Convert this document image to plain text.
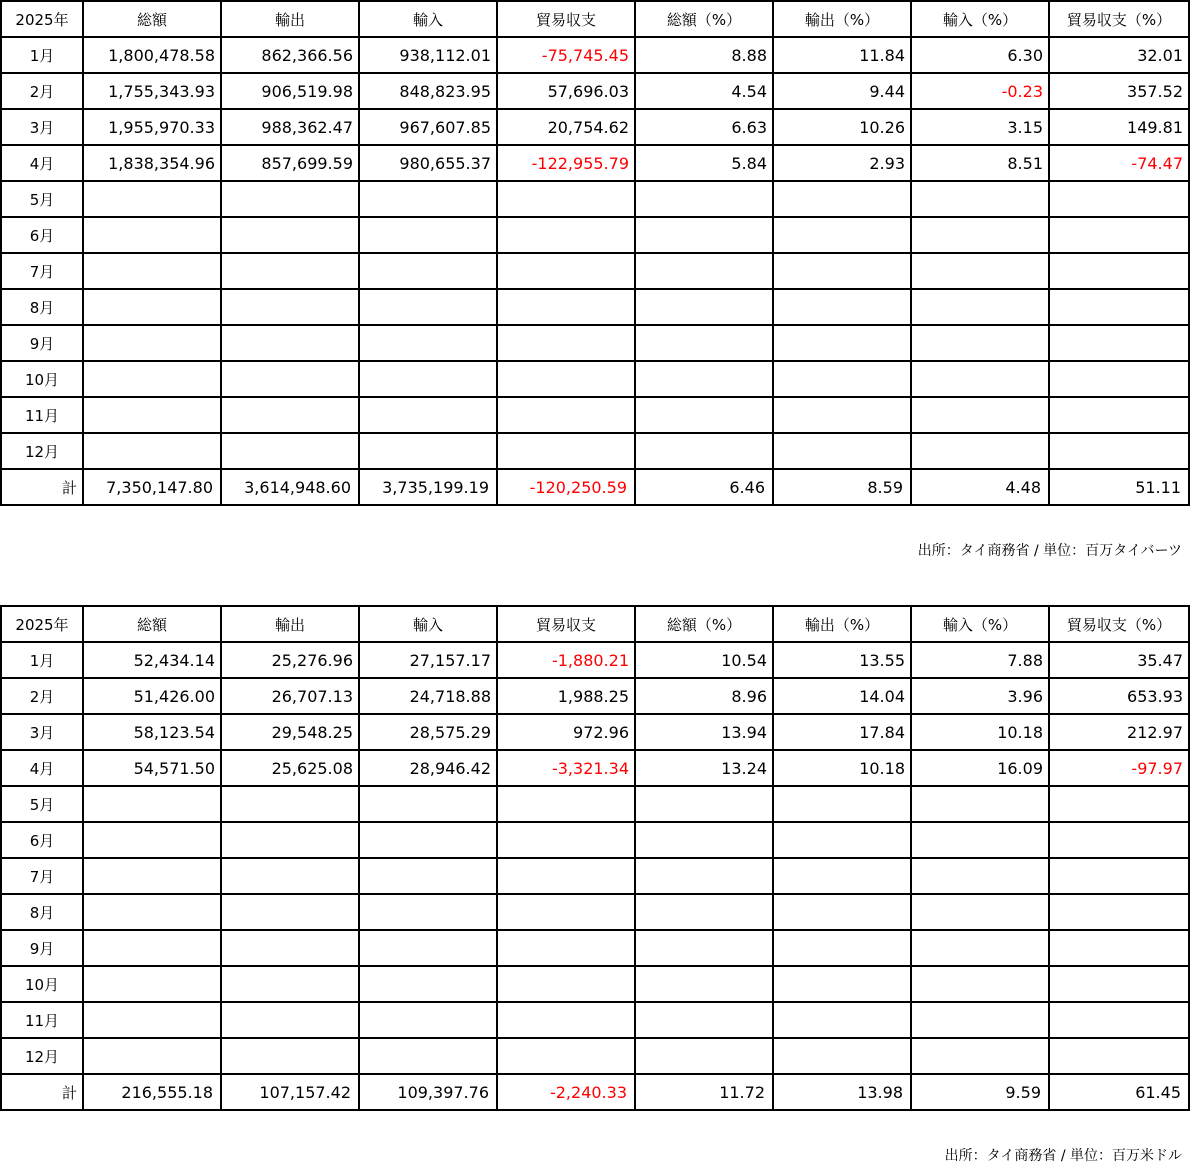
2025年	総額	輸出	輸入	貿易収支	総額（%）	輸出（%）	輸入（%）	貿易収支（%）
1月	1,800,478.58	862,366.56	938,112.01	-75,745.45	8.88	11.84	6.30	32.01
2月	1,755,343.93	906,519.98	848,823.95	57,696.03	4.54	9.44	-0.23	357.52
3月	1,955,970.33	988,362.47	967,607.85	20,754.62	6.63	10.26	3.15	149.81
4月	1,838,354.96	857,699.59	980,655.37	-122,955.79	5.84	2.93	8.51	-74.47
5月								
6月								
7月								
8月								
9月								
10月								
11月								
12月								
計	7,350,147.80	3,614,948.60	3,735,199.19	-120,250.59	6.46	8.59	4.48	51.11
出所：タイ商務省 / 単位：百万タイバーツ
2025年	総額	輸出	輸入	貿易収支	総額（%）	輸出（%）	輸入（%）	貿易収支（%）
1月	52,434.14	25,276.96	27,157.17	-1,880.21	10.54	13.55	7.88	35.47
2月	51,426.00	26,707.13	24,718.88	1,988.25	8.96	14.04	3.96	653.93
3月	58,123.54	29,548.25	28,575.29	972.96	13.94	17.84	10.18	212.97
4月	54,571.50	25,625.08	28,946.42	-3,321.34	13.24	10.18	16.09	-97.97
5月								
6月								
7月								
8月								
9月								
10月								
11月								
12月								
計	216,555.18	107,157.42	109,397.76	-2,240.33	11.72	13.98	9.59	61.45
出所：タイ商務省 / 単位：百万米ドル
